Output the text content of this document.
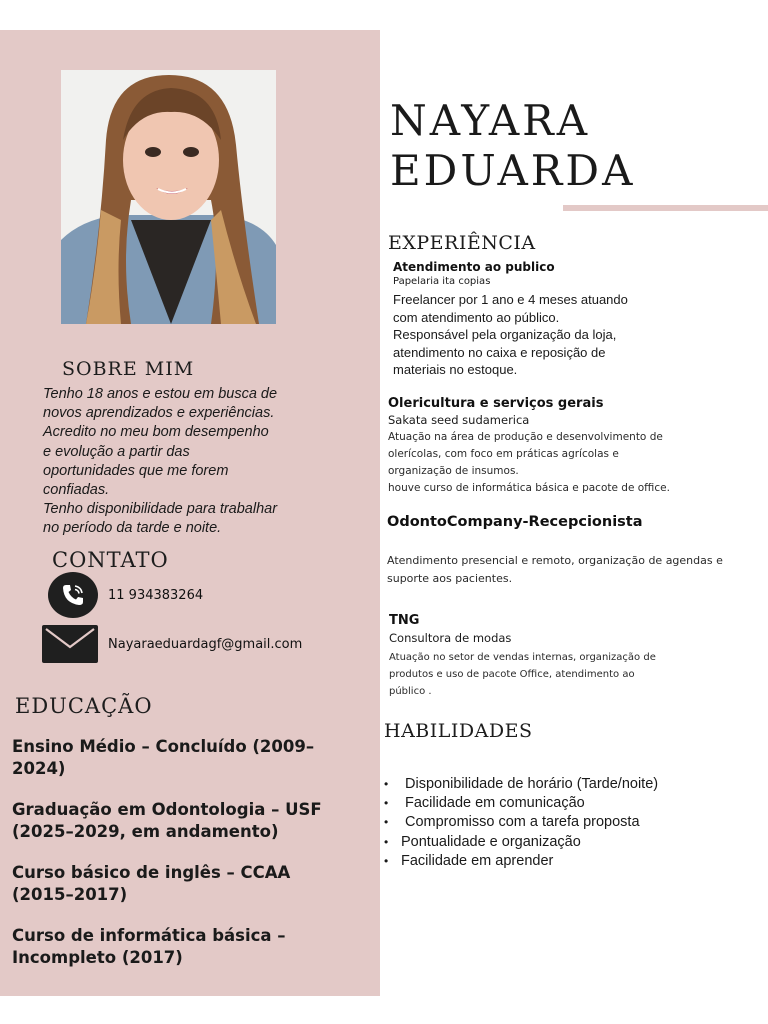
SOBRE MIM
Tenho 18 anos e estou em busca de
novos aprendizados e experiências.
Acredito no meu bom desempenho
e evolução a partir das
oportunidades que me forem
confiadas.
Tenho disponibilidade para trabalhar
no período da tarde e noite.
CONTATO
11 934383264
Nayaraeduardagf@gmail.com
EDUCAÇÃO
Ensino Médio – Concluído (2009–
2024)
Graduação em Odontologia – USF
(2025–2029, em andamento)
Curso básico de inglês – CCAA
(2015–2017)
Curso de informática básica –
Incompleto (2017)
NAYARA
EDUARDA
EXPERIÊNCIA
Atendimento ao publico
Papelaria ita copias
Freelancer por 1 ano e 4 meses atuando
com atendimento ao público.
Responsável pela organização da loja,
atendimento no caixa e reposição de
materiais no estoque.
Olericultura e serviços gerais
Sakata seed sudamerica
Atuação na área de produção e desenvolvimento de
olerícolas, com foco em práticas agrícolas e
organização de insumos.
houve curso de informática básica e pacote de office.
OdontoCompany-Recepcionista
Atendimento presencial e remoto, organização de agendas e
suporte aos pacientes.
TNG
Consultora de modas
Atuação no setor de vendas internas, organização de
produtos e uso de pacote Office, atendimento ao
público .
HABILIDADES
• Disponibilidade de horário (Tarde/noite)
• Facilidade em comunicação
• Compromisso com a tarefa proposta
• Pontualidade e organização
• Facilidade em aprender
